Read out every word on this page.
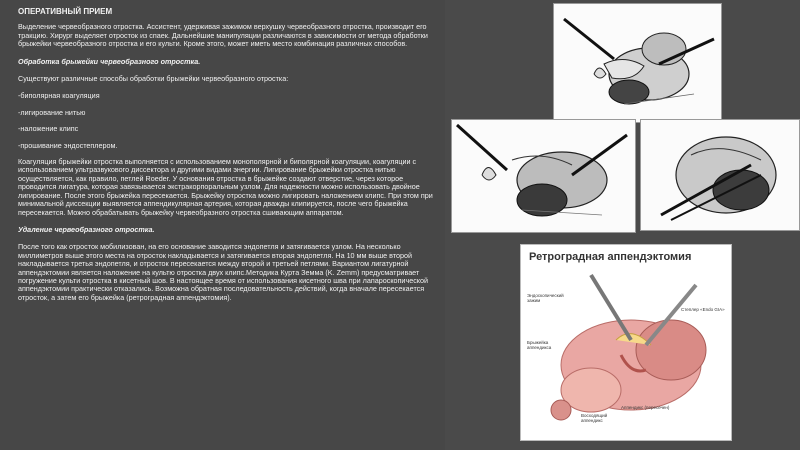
ОПЕРАТИВНЫЙ ПРИЕМ
Выделение червеобразного отростка. Ассистент, удерживая зажимом верхушку червеобразного отростка, производит его тракцию. Хирург выделяет отросток из спаек. Дальнейшие манипуляции различаются в зависимости от метода обработки брыжейки червеобразного отростка и его культи. Кроме этого, может иметь место комбинация различных способов.
Обработка брыжейки червеобразного отростка.
Существуют различные способы обработки брыжейки червеобразного отростка:
-биполярная коагуляция
-лигирование нитью
-наложение клипс
-прошивание эндостеплером.
Коагуляция брыжейки отростка выполняется с использованием монополярной и биполярной коагуляции, коагуляции с использованием ультразвукового диссектора и другими видами энергии. Лигирование брыжейки отростка нитью осуществляется, как правило, петлей Roeder. У основания отростка в брыжейке создают отверстие, через которое проводится лигатура, которая завязывается экстракорпоральным узлом. Для надежности можно использовать двойное лигирование. После этого брыжейка пересекается. Брыжейку отростка можно лигировать наложением клипс. При этом при минимальной диссекции выявляется аппендикулярная артерия, которая дважды клипируется, после чего брыжейка пересекается. Можно обрабатывать брыжейку червеобразного отростка сшивающим аппаратом.
Удаление червеобразного отростка.
После того как отросток мобилизован, на его основание заводится эндопетля и затягивается узлом. На несколько миллиметров выше этого места на отросток накладывается и затягивается вторая эндопетля. На 10 мм выше второй накладывается третья эндопетля, и отросток пересекается между второй и третьей петлями. Вариантом лигатурной аппендэктомии является наложение на культю отростка двух клипс.Методика Курта Земма (K. Zemm) предусматривает погружение культи отростка в кисетный шов. В настоящее время от использования кисетного шва при лапароскопической аппендэктомии практически отказались. Возможна обратная последовательность действий, когда вначале пересекается отросток, а затем его брыжейка (ретроградная аппендэктомия).
Ретроградная аппендэктомия
Эндоскопический зажим
Степлер «Endo GIA»
Брыжейка аппендикса
Аппендикс (пересечен)
Восходящий аппендикс
